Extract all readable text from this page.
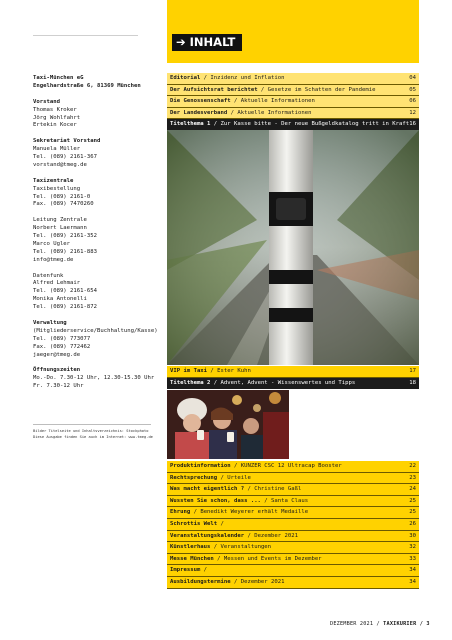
Taxi-München eG
Engelhardstraße 6, 81369 München
Vorstand
Thomas Kroker
Jörg Wohlfahrt
Ertekin Kocer
Sekretariat Vorstand
Manuela Müller
Tel. (089) 2161-367
vorstand@tmeg.de
Taxizentrale
Taxibestellung
Tel. (089) 2161-0
Fax. (089) 7470260
Leitung Zentrale
Norbert Laermann
Tel. (089) 2161-352
Marco Ugler
Tel. (089) 2161-883
info@tmeg.de
Datenfunk
Alfred Lehmair
Tel. (089) 2161-654
Monika Antonelli
Tel. (089) 2161-872
Verwaltung
(Mitgliederservice/Buchhaltung/Kasse)
Tel. (089) 773077
Fax. (089) 772462
jaeger@tmeg.de
Öffnungszeiten
Mo.-Do. 7.30-12 Uhr, 12.30-15.30 Uhr
Fr. 7.30-12 Uhr
Bilder Titelseite und Inhaltsverzeichnis: Stockphoto
Diese Ausgabe finden Sie auch im Internet: www.tmeg.de
➔ INHALT
Editorial / Inzidenz und Inflation	04
Der Aufsichtsrat berichtet / Gesetze im Schatten der Pandemie	05
Die Genossenschaft / Aktuelle Informationen	06
Der Landesverband / Aktuelle Informationen	12
Titelthema 1 / Zur Kasse bitte - Der neue Bußgeldkatalog tritt in Kraft 16
VIP im Taxi / Ester Kuhn	17
Titelthema 2 / Advent, Advent - Wissenswertes und Tipps	18
Produktinformation / KUNZER CSC 12 Ultracap Booster	22
Rechtsprechung / Urteile	23
Was macht eigentlich ? / Christine Gaßl	24
Wussten Sie schon, dass ... / Santa Claus	25
Ehrung / Benedikt Weyerer erhält Medaille	25
Schrottis Welt /	26
Veranstaltungskalender / Dezember 2021	30
Künstlerhaus / Veranstaltungen	32
Messe München / Messen und Events im Dezember	33
Impressum /	34
Ausbildungstermine / Dezember 2021	34
DEZEMBER 2021 / TAXIKURIER / 3
